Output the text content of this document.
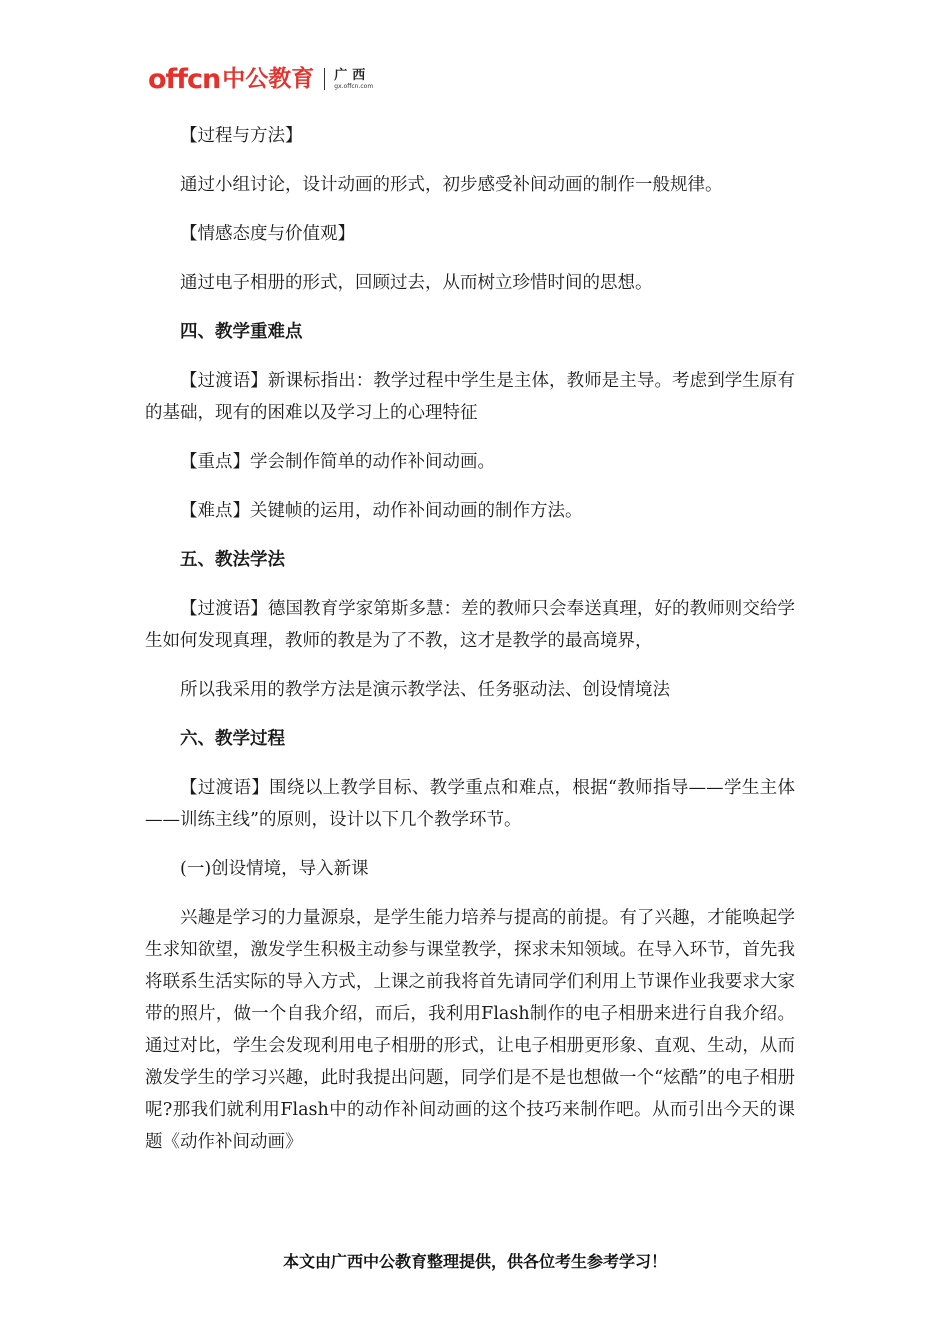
offcn 中公教育 广西
gx.offcn.com

【过程与方法】

通过小组讨论，设计动画的形式，初步感受补间动画的制作一般规律。

【情感态度与价值观】

通过电子相册的形式，回顾过去，从而树立珍惜时间的思想。

四、教学重难点

【过渡语】新课标指出：教学过程中学生是主体，教师是主导。考虑到学生原有的基础，现有的困难以及学习上的心理特征

【重点】学会制作简单的动作补间动画。

【难点】关键帧的运用，动作补间动画的制作方法。

五、教法学法

【过渡语】德国教育学家第斯多慧：差的教师只会奉送真理，好的教师则交给学生如何发现真理，教师的教是为了不教，这才是教学的最高境界，

所以我采用的教学方法是演示教学法、任务驱动法、创设情境法

六、教学过程

【过渡语】围绕以上教学目标、教学重点和难点，根据“教师指导——学生主体——训练主线”的原则，设计以下几个教学环节。

(一)创设情境，导入新课

兴趣是学习的力量源泉，是学生能力培养与提高的前提。有了兴趣，才能唤起学生求知欲望，激发学生积极主动参与课堂教学，探求未知领域。在导入环节，首先我将联系生活实际的导入方式，上课之前我将首先请同学们利用上节课作业我要求大家带的照片，做一个自我介绍，而后，我利用Flash制作的电子相册来进行自我介绍。通过对比，学生会发现利用电子相册的形式，让电子相册更形象、直观、生动，从而激发学生的学习兴趣，此时我提出问题，同学们是不是也想做一个“炫酷”的电子相册呢?那我们就利用Flash中的动作补间动画的这个技巧来制作吧。从而引出今天的课题《动作补间动画》

本文由广西中公教育整理提供，供各位考生参考学习！
